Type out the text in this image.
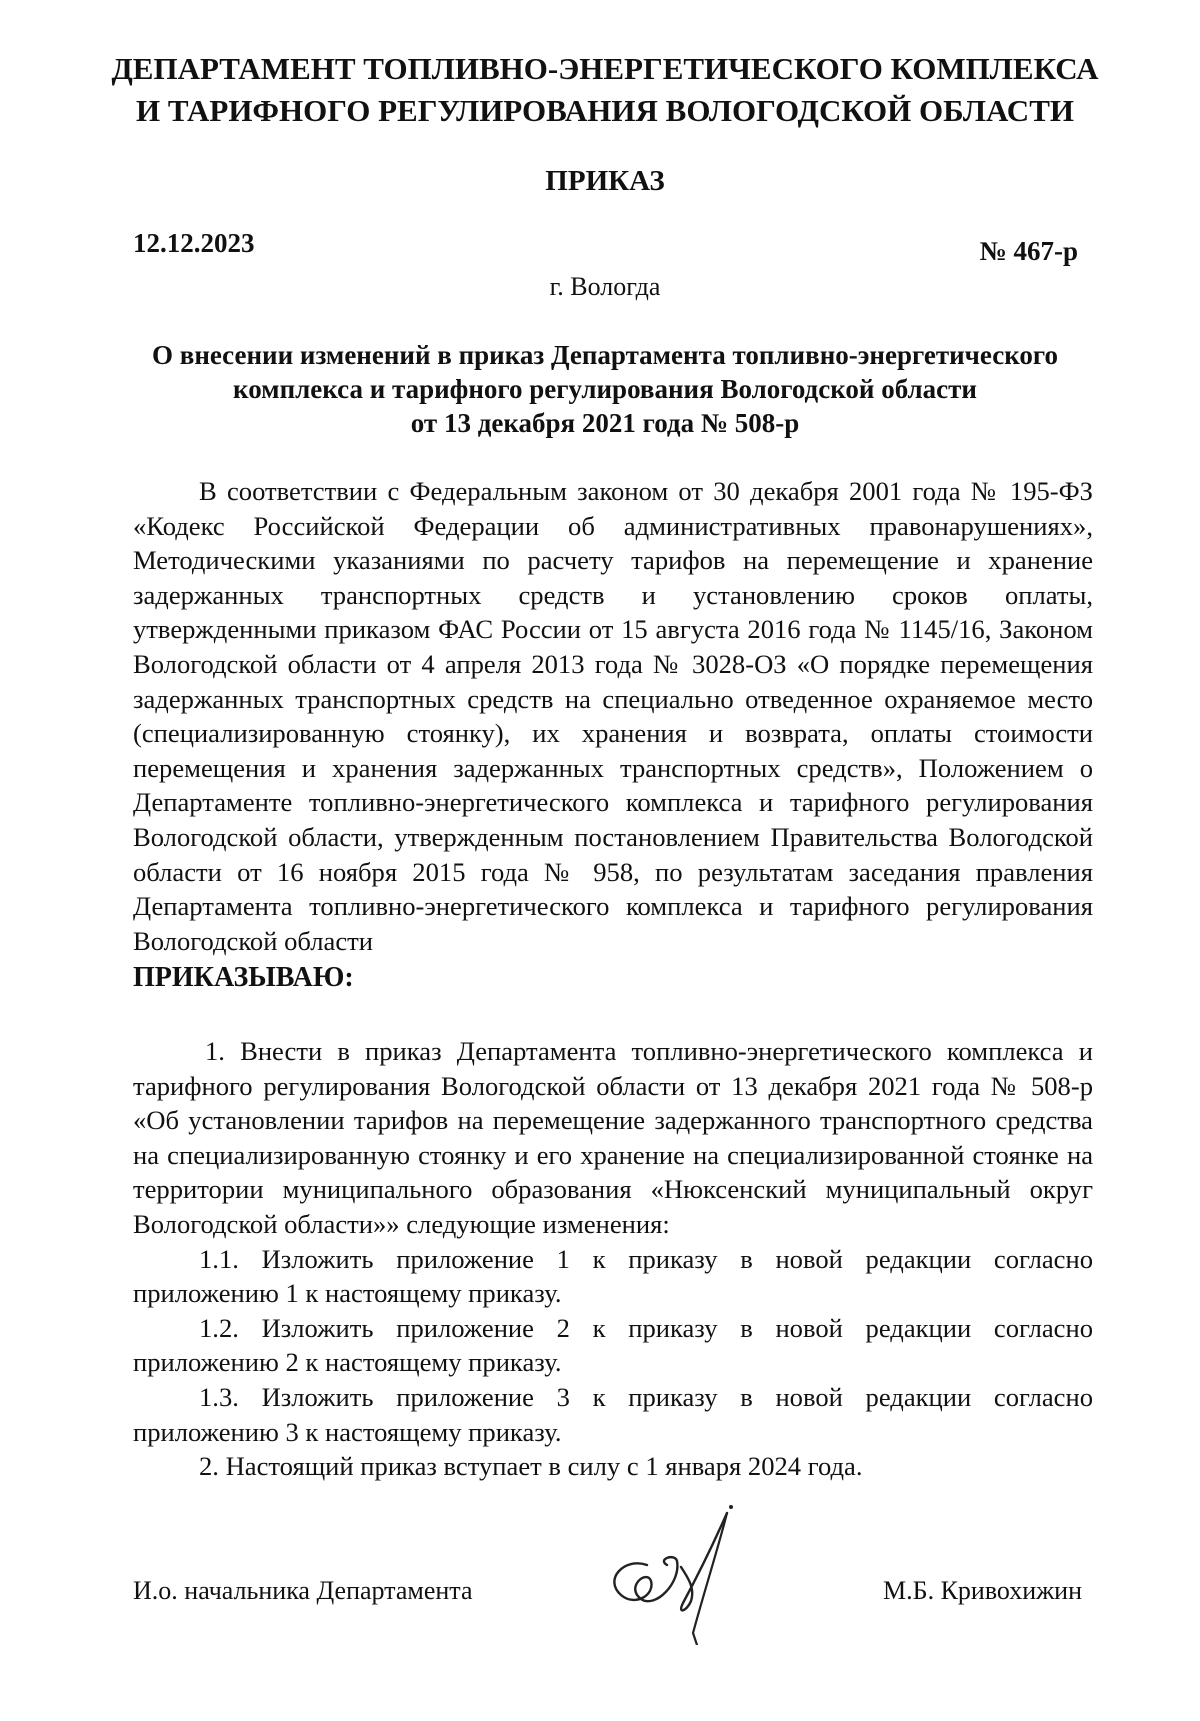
ДЕПАРТАМЕНТ ТОПЛИВНО-ЭНЕРГЕТИЧЕСКОГО КОМПЛЕКСА
И ТАРИФНОГО РЕГУЛИРОВАНИЯ ВОЛОГОДСКОЙ ОБЛАСТИ
ПРИКАЗ
12.12.2023	№ 467-р
г. Вологда
О внесении изменений в приказ Департамента топливно-энергетического
комплекса и тарифного регулирования Вологодской области
от 13 декабря 2021 года № 508-р
В соответствии с Федеральным законом от 30 декабря 2001 года № 195-ФЗ «Кодекс Российской Федерации об административных правонарушениях», Методическими указаниями по расчету тарифов на перемещение и хранение задержанных транспортных средств и установлению сроков оплаты, утвержденными приказом ФАС России от 15 августа 2016 года № 1145/16, Законом Вологодской области от 4 апреля 2013 года № 3028-ОЗ «О порядке перемещения задержанных транспортных средств на специально отведенное охраняемое место (специализированную стоянку), их хранения и возврата, оплаты стоимости перемещения и хранения задержанных транспортных средств», Положением о Департаменте топливно-энергетического комплекса и тарифного регулирования Вологодской области, утвержденным постановлением Правительства Вологодской области от 16 ноября 2015 года № 958, по результатам заседания правления Департамента топливно-энергетического комплекса и тарифного регулирования Вологодской области
ПРИКАЗЫВАЮ:

1. Внести в приказ Департамента топливно-энергетического комплекса и тарифного регулирования Вологодской области от 13 декабря 2021 года № 508-р «Об установлении тарифов на перемещение задержанного транспортного средства на специализированную стоянку и его хранение на специализированной стоянке на территории муниципального образования «Нюксенский муниципальный округ Вологодской области»» следующие изменения:

1.1. Изложить приложение 1 к приказу в новой редакции согласно приложению 1 к настоящему приказу.

1.2. Изложить приложение 2 к приказу в новой редакции согласно приложению 2 к настоящему приказу.

1.3. Изложить приложение 3 к приказу в новой редакции согласно приложению 3 к настоящему приказу.

2. Настоящий приказ вступает в силу с 1 января 2024 года.

И.о. начальника Департамента	М.Б. Кривохижин
